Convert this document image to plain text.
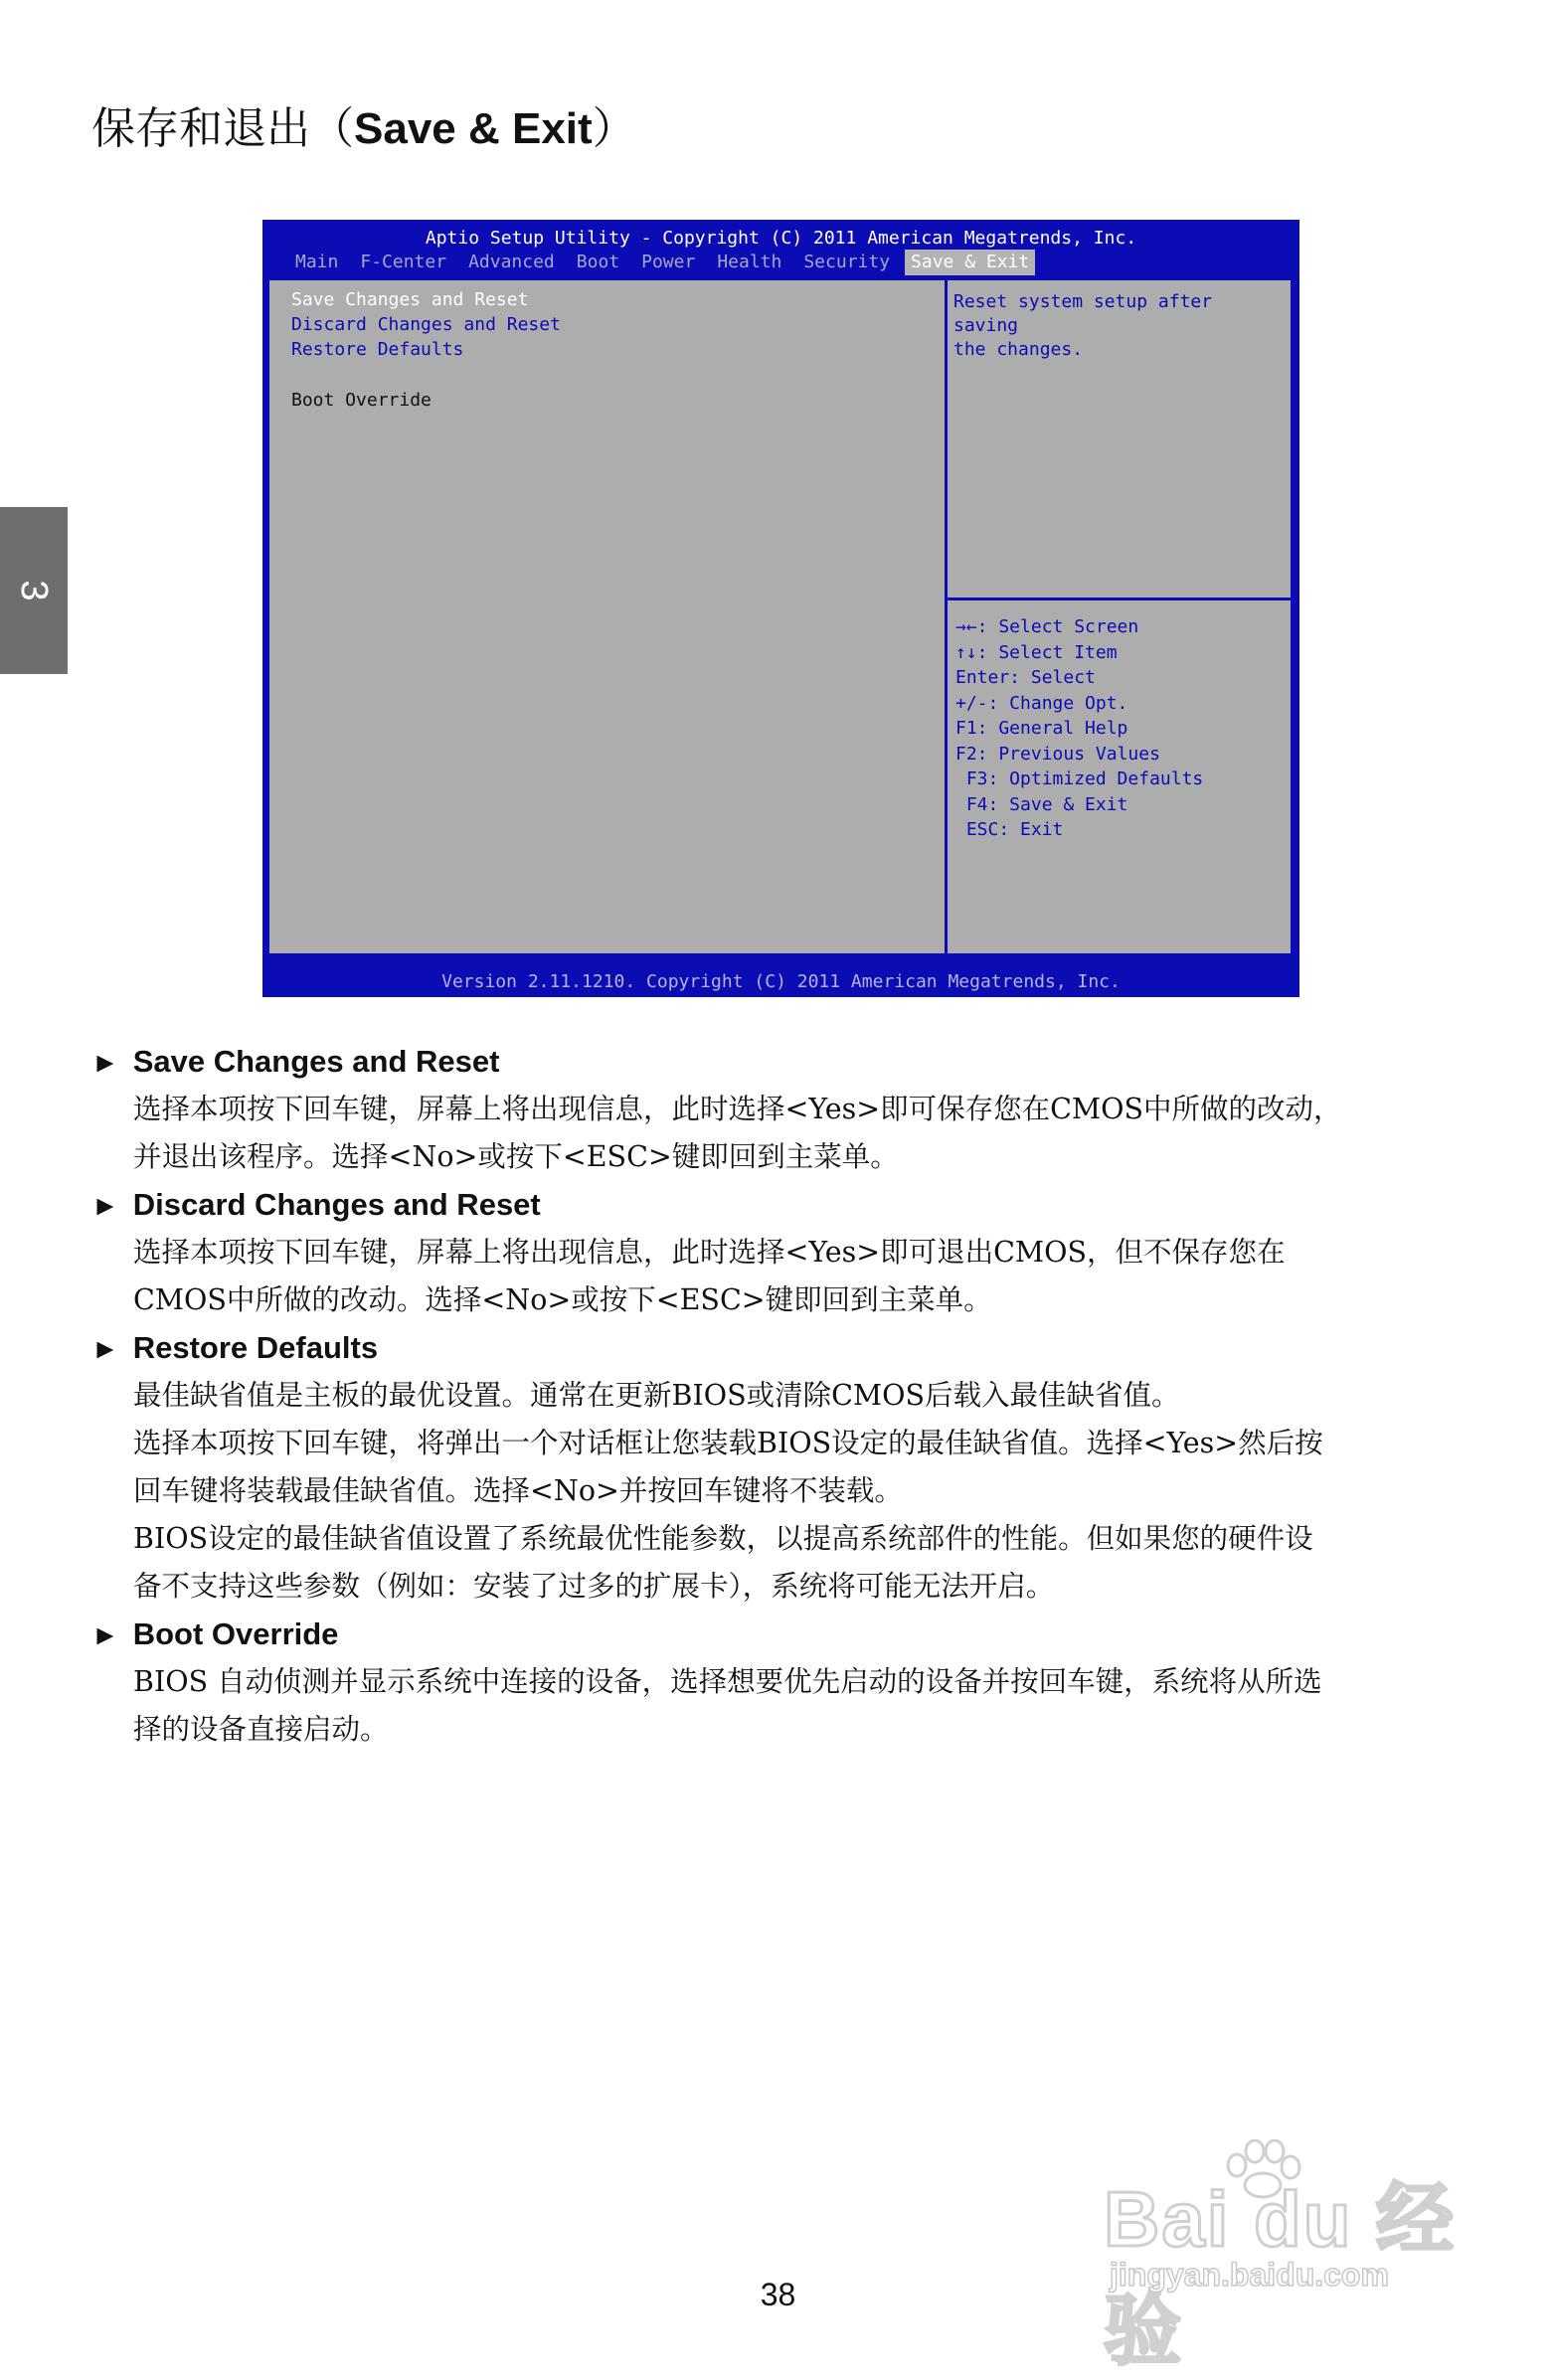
保存和退出（Save & Exit）
3
Aptio Setup Utility - Copyright (C) 2011 American Megatrends, Inc.
Main	F-Center	Advanced	Boot	Power	Health	Security	Save & Exit
Save Changes and Reset
Discard Changes and Reset
Restore Defaults
Boot Override
Reset system setup after saving
the changes.
→←: Select Screen
↑↓: Select Item
Enter: Select
+/-: Change Opt.
F1: General Help
F2: Previous Values
F3: Optimized Defaults
F4: Save & Exit
ESC: Exit
Version 2.11.1210. Copyright (C) 2011 American Megatrends, Inc.
► Save Changes and Reset
选择本项按下回车键，屏幕上将出现信息，此时选择<Yes>即可保存您在CMOS中所做的改动，
并退出该程序。选择<No>或按下<ESC>键即回到主菜单。
► Discard Changes and Reset
选择本项按下回车键，屏幕上将出现信息，此时选择<Yes>即可退出CMOS，但不保存您在
CMOS中所做的改动。选择<No>或按下<ESC>键即回到主菜单。
► Restore Defaults
最佳缺省值是主板的最优设置。通常在更新BIOS或清除CMOS后载入最佳缺省值。
选择本项按下回车键，将弹出一个对话框让您装载BIOS设定的最佳缺省值。选择<Yes>然后按
回车键将装载最佳缺省值。选择<No>并按回车键将不装载。
BIOS设定的最佳缺省值设置了系统最优性能参数，以提高系统部件的性能。但如果您的硬件设
备不支持这些参数（例如：安装了过多的扩展卡），系统将可能无法开启。
► Boot Override
BIOS 自动侦测并显示系统中连接的设备，选择想要优先启动的设备并按回车键，系统将从所选
择的设备直接启动。
38
Bai du 经验
jingyan.baidu.com
